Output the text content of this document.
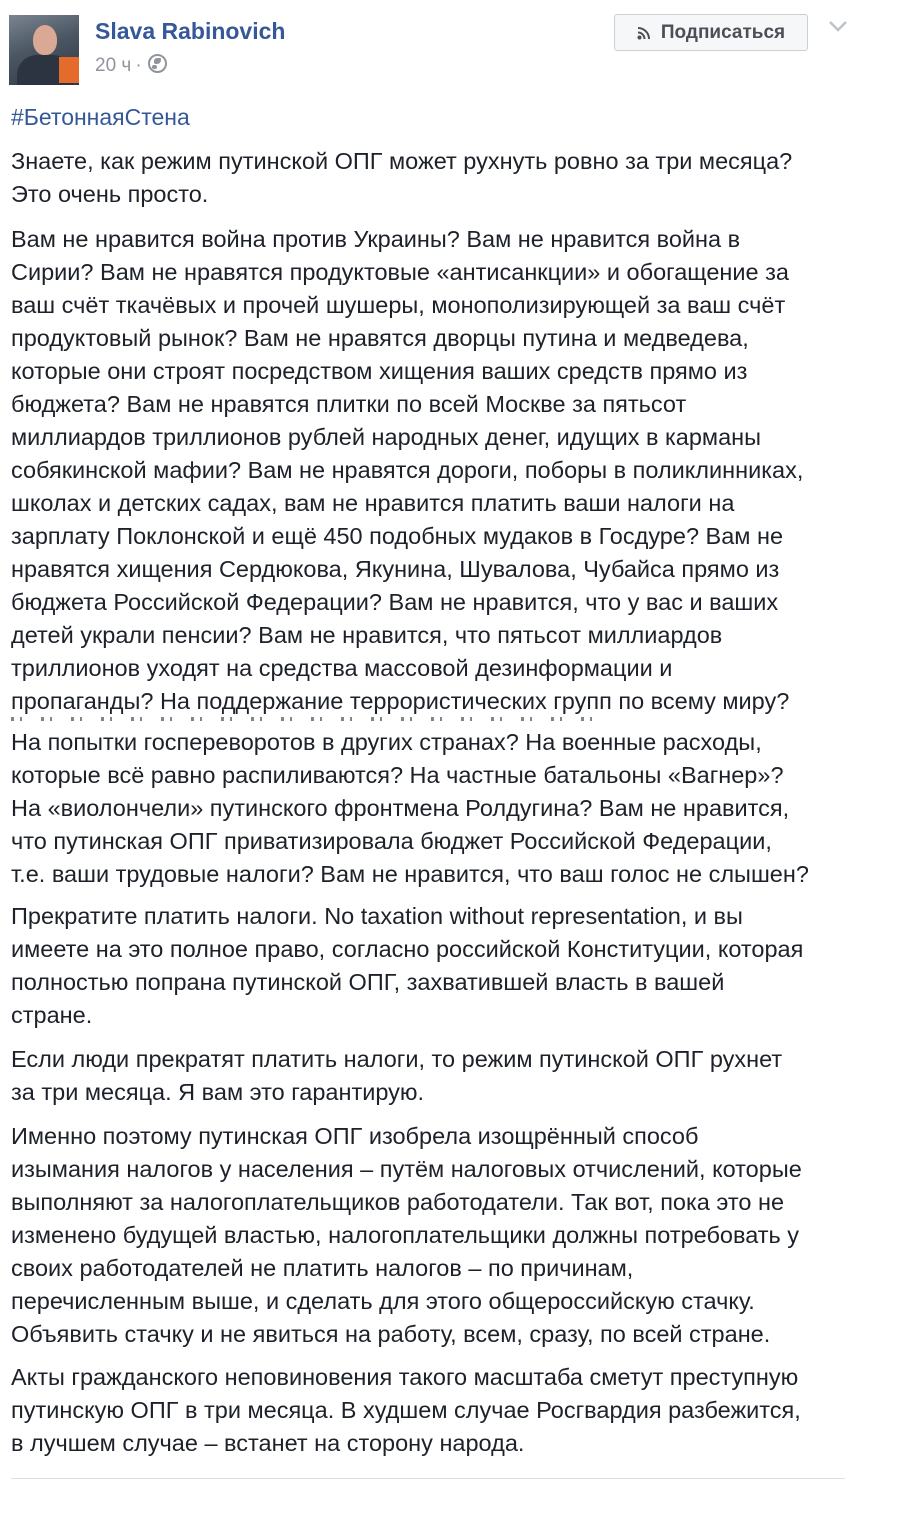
Slava Rabinovich
20 ч ·
Подписаться
#БетоннаяСтена

Знаете, как режим путинской ОПГ может рухнуть ровно за три месяца?
Это очень просто.

Вам не нравится война против Украины? Вам не нравится война в
Сирии? Вам не нравятся продуктовые «антисанкции» и обогащение за
ваш счёт ткачёвых и прочей шушеры, монополизирующей за ваш счёт
продуктовый рынок? Вам не нравятся дворцы путина и медведева,
которые они строят посредством хищения ваших средств прямо из
бюджета? Вам не нравятся плитки по всей Москве за пятьсот
миллиардов триллионов рублей народных денег, идущих в карманы
собякинской мафии? Вам не нравятся дороги, поборы в поликлинниках,
школах и детских садах, вам не нравится платить ваши налоги на
зарплату Поклонской и ещё 450 подобных мудаков в Госдуре? Вам не
нравятся хищения Сердюкова, Якунина, Шувалова, Чубайса прямо из
бюджета Российской Федерации? Вам не нравится, что у вас и ваших
детей украли пенсии? Вам не нравится, что пятьсот миллиардов
триллионов уходят на средства массовой дезинформации и
пропаганды? На поддержание террористических групп по всему миру?

На попытки госпереворотов в других странах? На военные расходы,
которые всё равно распиливаются? На частные батальоны «Вагнер»?
На «виолончели» путинского фронтмена Ролдугина? Вам не нравится,
что путинская ОПГ приватизировала бюджет Российской Федерации,
т.е. ваши трудовые налоги? Вам не нравится, что ваш голос не слышен?

Прекратите платить налоги. No taxation without representation, и вы
имеете на это полное право, согласно российской Конституции, которая
полностью попрана путинской ОПГ, захватившей власть в вашей
стране.

Если люди прекратят платить налоги, то режим путинской ОПГ рухнет
за три месяца. Я вам это гарантирую.

Именно поэтому путинская ОПГ изобрела изощрённый способ
изымания налогов у населения – путём налоговых отчислений, которые
выполняют за налогоплательщиков работодатели. Так вот, пока это не
изменено будущей властью, налогоплательщики должны потребовать у
своих работодателей не платить налогов – по причинам,
перечисленным выше, и сделать для этого общероссийскую стачку.
Объявить стачку и не явиться на работу, всем, сразу, по всей стране.

Акты гражданского неповиновения такого масштаба сметут преступную
путинскую ОПГ в три месяца. В худшем случае Росгвардия разбежится,
в лучшем случае – встанет на сторону народа.
